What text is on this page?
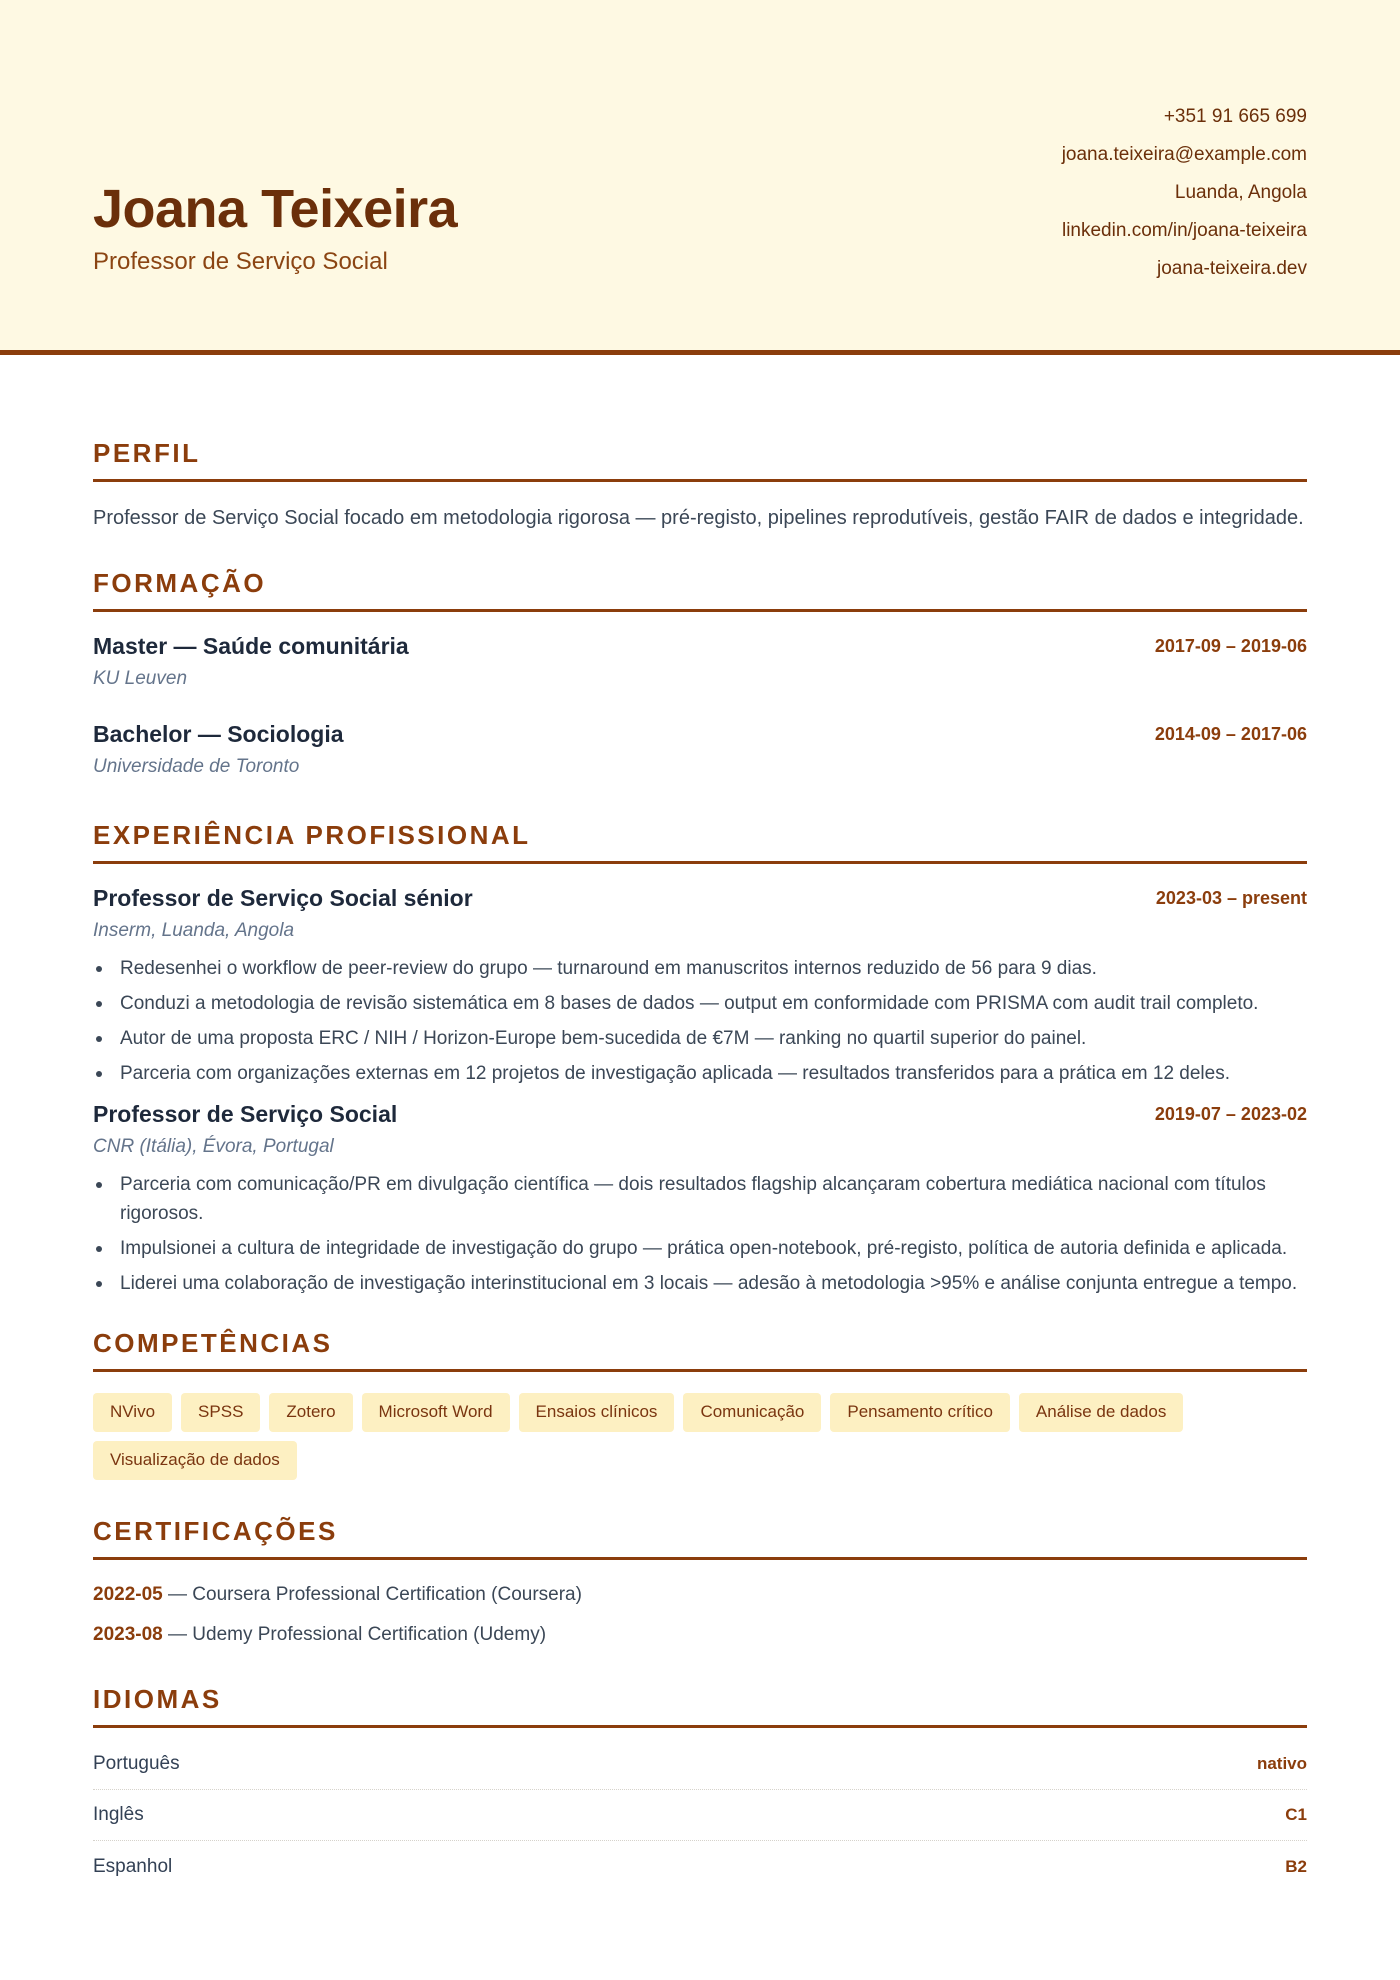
Joana Teixeira
Professor de Serviço Social
+351 91 665 699
joana.teixeira@example.com
Luanda, Angola
linkedin.com/in/joana-teixeira
joana-teixeira.dev
PERFIL
Professor de Serviço Social focado em metodologia rigorosa — pré-registo, pipelines reprodutíveis, gestão FAIR de dados e integridade.
FORMAÇÃO
Master — Saúde comunitária	2017-09 – 2019-06
KU Leuven
Bachelor — Sociologia	2014-09 – 2017-06
Universidade de Toronto
EXPERIÊNCIA PROFISSIONAL
Professor de Serviço Social sénior	2023-03 – present
Inserm, Luanda, Angola
Redesenhei o workflow de peer-review do grupo — turnaround em manuscritos internos reduzido de 56 para 9 dias.
Conduzi a metodologia de revisão sistemática em 8 bases de dados — output em conformidade com PRISMA com audit trail completo.
Autor de uma proposta ERC / NIH / Horizon-Europe bem-sucedida de €7M — ranking no quartil superior do painel.
Parceria com organizações externas em 12 projetos de investigação aplicada — resultados transferidos para a prática em 12 deles.
Professor de Serviço Social	2019-07 – 2023-02
CNR (Itália), Évora, Portugal
Parceria com comunicação/PR em divulgação científica — dois resultados flagship alcançaram cobertura mediática nacional com títulos rigorosos.
Impulsionei a cultura de integridade de investigação do grupo — prática open-notebook, pré-registo, política de autoria definida e aplicada.
Liderei uma colaboração de investigação interinstitucional em 3 locais — adesão à metodologia >95% e análise conjunta entregue a tempo.
COMPETÊNCIAS
NVivo	SPSS	Zotero	Microsoft Word	Ensaios clínicos	Comunicação	Pensamento crítico	Análise de dados
Visualização de dados
CERTIFICAÇÕES
2022-05 — Coursera Professional Certification (Coursera)
2023-08 — Udemy Professional Certification (Udemy)
IDIOMAS
Português	nativo
Inglês	C1
Espanhol	B2
